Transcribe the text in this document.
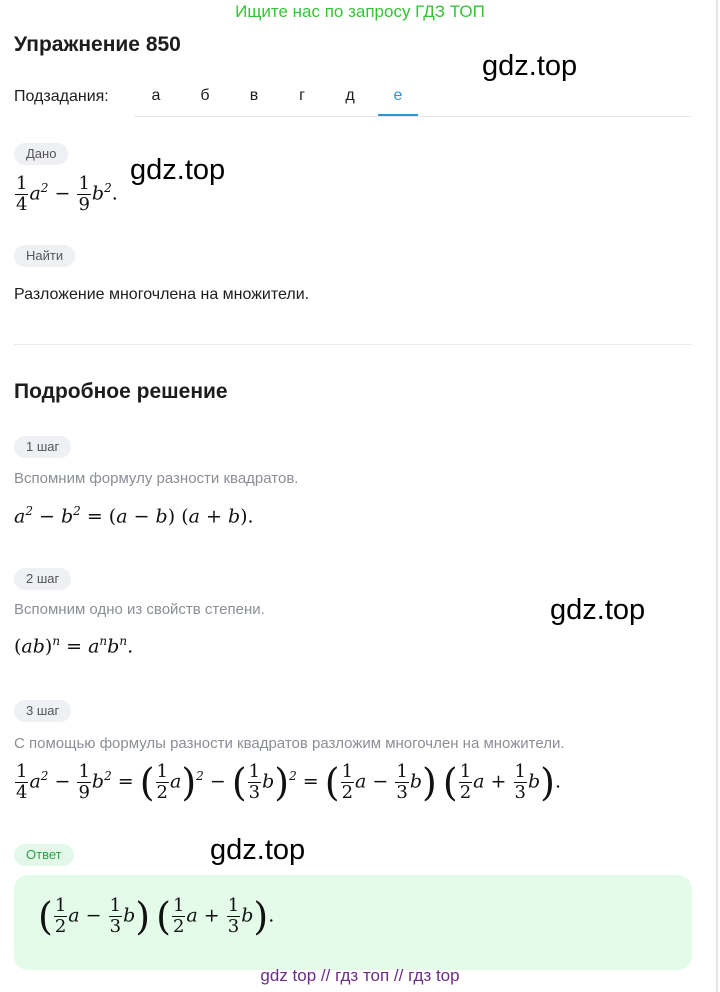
Ищите нас по запросу ГДЗ ТОП
Упражнение 850
gdz.top
Подзадания:	а	б	в	г	д	е
Дано
gdz.top
$\frac{1}{4} a^2 - \frac{1}{9} b^2$.
Найти
Разложение многочлена на множители.
Подробное решение
1 шаг
Вспомним формулу разности квадратов.
$a^2 - b^2 = (a - b) (a + b)$.
2 шаг
Вспомним одно из свойств степени.	gdz.top
$(ab)^n = a^nb^n$.
3 шаг
С помощью формулы разности квадратов разложим многочлен на множители.
$\frac{1}{4} a^2 - \frac{1}{9} b^2$ = ( $\frac{1}{2} a)^2$ − ( $\frac{1}{3} b)^2$ = ( $\frac{1}{2}$ $a - \frac{1}{3} b$) ( $\frac{1}{2}$ $a + \frac{1}{3} b$).
Ответ	gdz.top
( $\frac{1}{2}$ $a - \frac{1}{3} b$) ( $\frac{1}{2}$ $a + \frac{1}{3} b$).
gdz top // гдз топ // гдз top
